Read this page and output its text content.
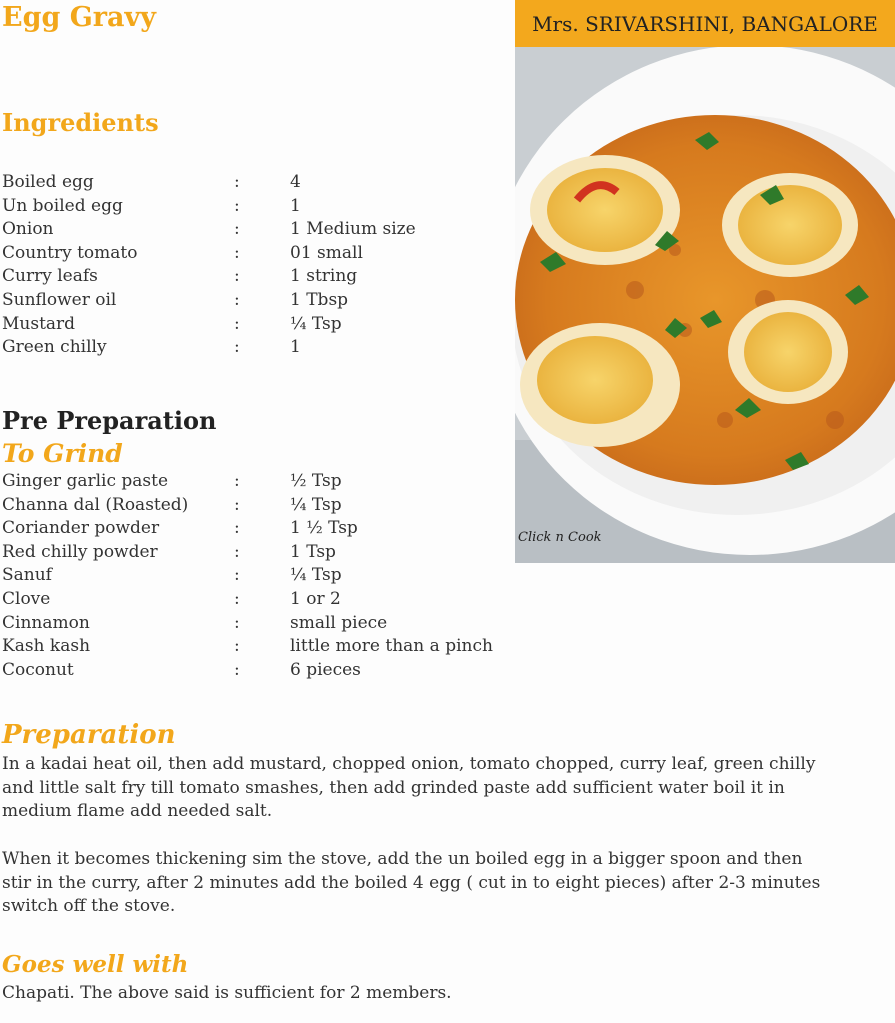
Egg Gravy	Mrs. SRIVARSHINI, BANGALORE
Click n Cook
Ingredients
Boiled egg	:	4
Un boiled egg	:	1
Onion	:	1 Medium size
Country tomato	:	01 small
Curry leafs	:	1 string
Sunflower oil	:	1 Tbsp
Mustard	:	¼ Tsp
Green chilly	:	1
Pre Preparation
To Grind
Ginger garlic paste	:	½ Tsp
Channa dal (Roasted)	:	¼ Tsp
Coriander powder	:	1 ½ Tsp
Red chilly powder	:	1 Tsp
Sanuf	:	¼ Tsp
Clove	:	1 or 2
Cinnamon	:	small piece
Kash kash	:	little more than a pinch
Coconut	:	6 pieces
Preparation

In a kadai heat oil, then add mustard, chopped onion, tomato chopped, curry leaf, green chilly and little salt fry till tomato smashes, then add grinded paste add sufficient water boil it in medium flame add needed salt.

When it becomes thickening sim the stove, add the un boiled egg in a bigger spoon and then stir in the curry, after 2 minutes add the boiled 4 egg ( cut in to eight pieces) after 2-3 minutes switch off the stove.

Goes well with

Chapati. The above said is sufficient for 2 members.
